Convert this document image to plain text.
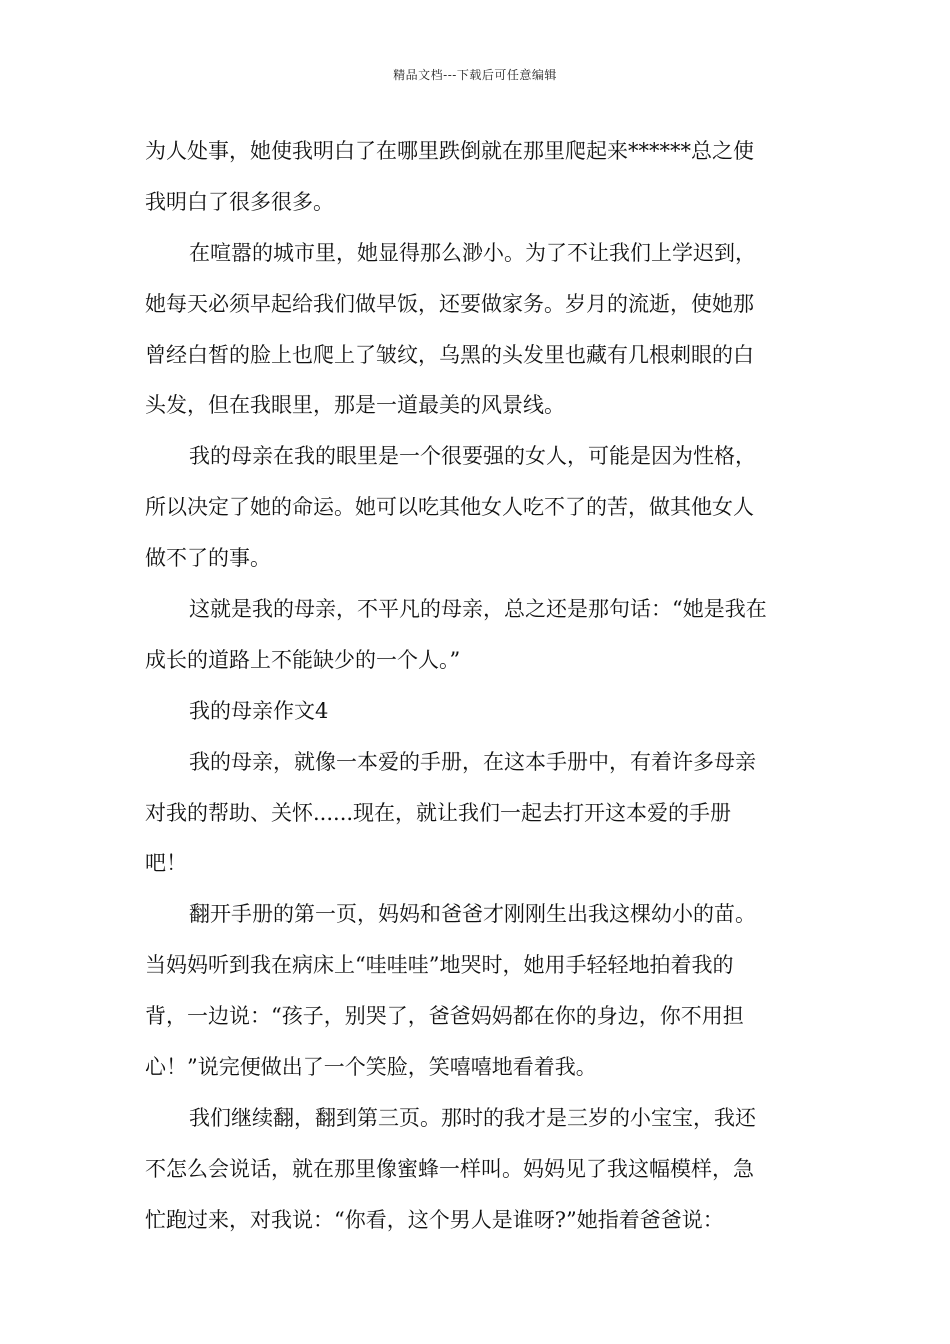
精品文档---下载后可任意编辑
为人处事，她使我明白了在哪里跌倒就在那里爬起来******总之使
我明白了很多很多。
在喧嚣的城市里，她显得那么渺小。为了不让我们上学迟到，
她每天必须早起给我们做早饭，还要做家务。岁月的流逝，使她那
曾经白皙的脸上也爬上了皱纹，乌黑的头发里也藏有几根刺眼的白
头发，但在我眼里，那是一道最美的风景线。
我的母亲在我的眼里是一个很要强的女人，可能是因为性格，
所以决定了她的命运。她可以吃其他女人吃不了的苦，做其他女人
做不了的事。
这就是我的母亲，不平凡的母亲，总之还是那句话：“她是我在
成长的道路上不能缺少的一个人。”
我的母亲作文4
我的母亲，就像一本爱的手册，在这本手册中，有着许多母亲
对我的帮助、关怀......现在，就让我们一起去打开这本爱的手册
吧！
翻开手册的第一页，妈妈和爸爸才刚刚生出我这棵幼小的苗。
当妈妈听到我在病床上“哇哇哇”地哭时，她用手轻轻地拍着我的
背，一边说：“孩子，别哭了，爸爸妈妈都在你的身边，你不用担
心！”说完便做出了一个笑脸，笑嘻嘻地看着我。
我们继续翻，翻到第三页。那时的我才是三岁的小宝宝，我还
不怎么会说话，就在那里像蜜蜂一样叫。妈妈见了我这幅模样，急
忙跑过来，对我说：“你看，这个男人是谁呀?”她指着爸爸说：
